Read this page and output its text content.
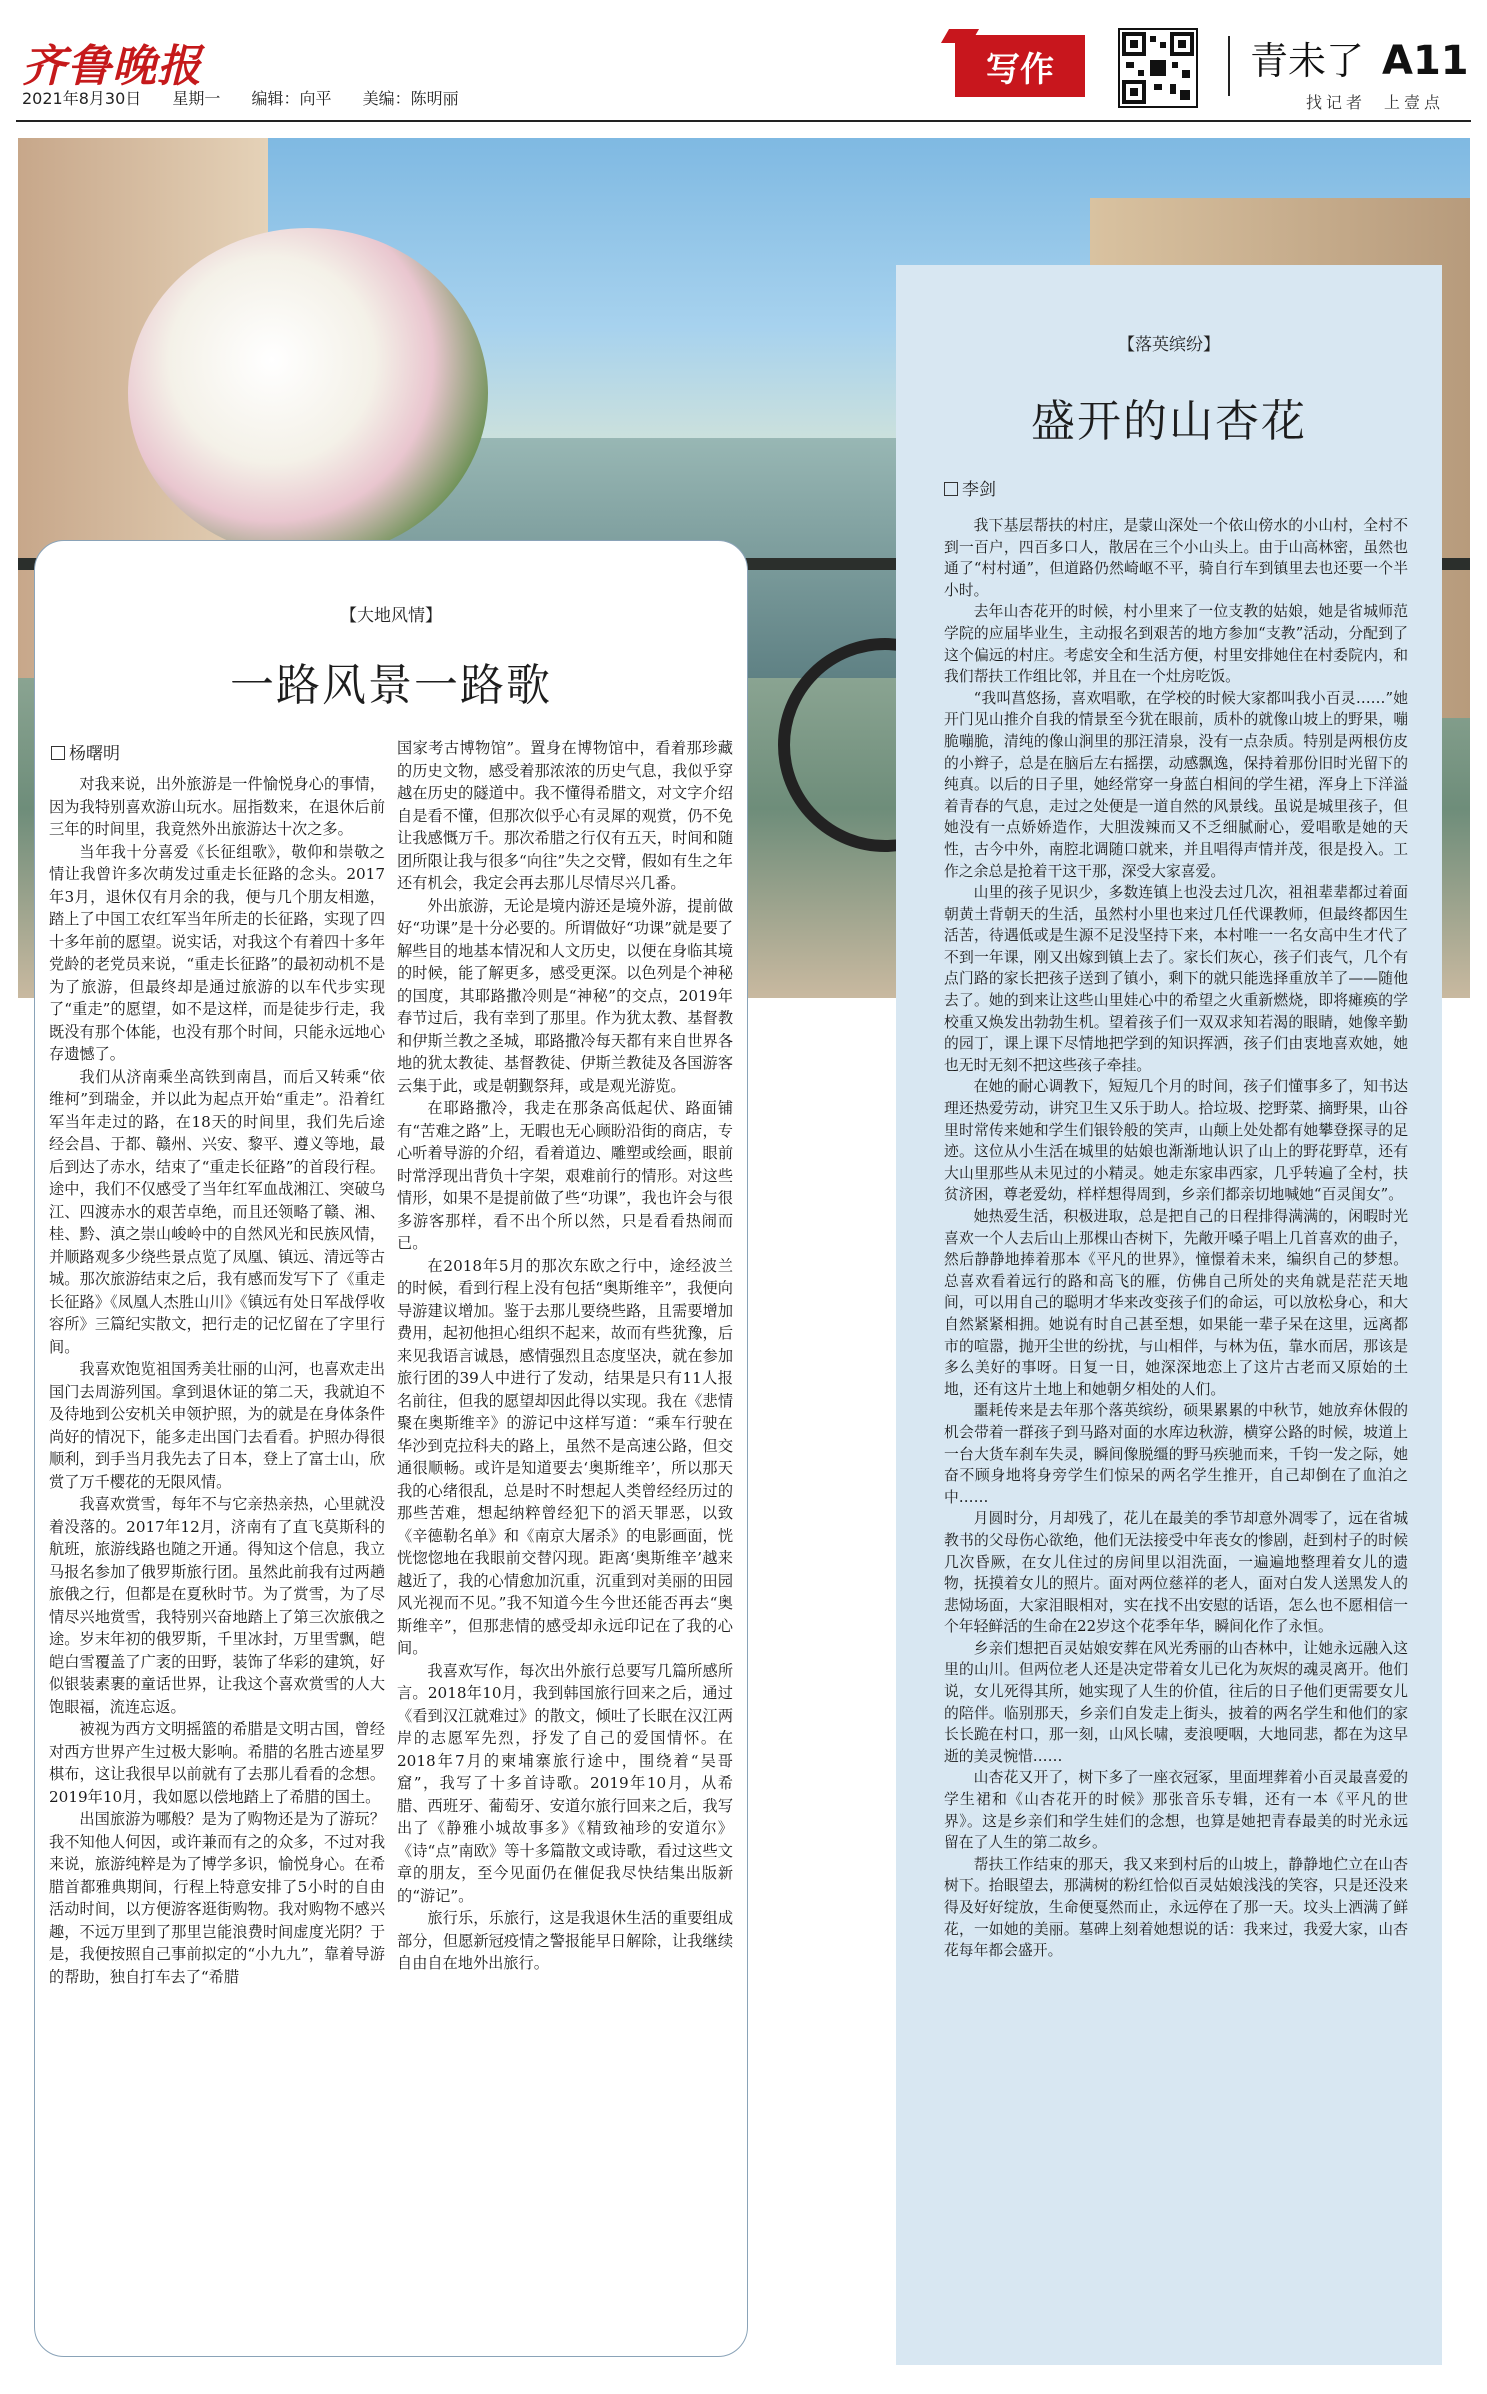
齐鲁晚报
2021年8月30日 星期一 编辑：向平 美编：陈明丽
写作	青未了 A11
找记者 上壹点
【大地风情】
一路风景一路歌
杨曙明

对我来说，出外旅游是一件愉悦身心的事情，因为我特别喜欢游山玩水。屈指数来，在退休后前三年的时间里，我竟然外出旅游达十次之多。

当年我十分喜爱《长征组歌》，敬仰和崇敬之情让我曾许多次萌发过重走长征路的念头。2017年3月，退休仅有月余的我，便与几个朋友相邀，踏上了中国工农红军当年所走的长征路，实现了四十多年前的愿望。说实话，对我这个有着四十多年党龄的老党员来说，“重走长征路”的最初动机不是为了旅游，但最终却是通过旅游的以车代步实现了“重走”的愿望，如不是这样，而是徒步行走，我既没有那个体能，也没有那个时间，只能永远地心存遗憾了。

我们从济南乘坐高铁到南昌，而后又转乘“依维柯”到瑞金，并以此为起点开始“重走”。沿着红军当年走过的路，在18天的时间里，我们先后途经会昌、于都、赣州、兴安、黎平、遵义等地，最后到达了赤水，结束了“重走长征路”的首段行程。途中，我们不仅感受了当年红军血战湘江、突破乌江、四渡赤水的艰苦卓绝，而且还领略了赣、湘、桂、黔、滇之崇山峻岭中的自然风光和民族风情，并顺路观多少绕些景点览了凤凰、镇远、清远等古城。那次旅游结束之后，我有感而发写下了《重走长征路》《凤凰人杰胜山川》《镇远有处日军战俘收容所》三篇纪实散文，把行走的记忆留在了字里行间。

我喜欢饱览祖国秀美壮丽的山河，也喜欢走出国门去周游列国。拿到退休证的第二天，我就迫不及待地到公安机关申领护照，为的就是在身体条件尚好的情况下，能多走出国门去看看。护照办得很顺利，到手当月我先去了日本，登上了富士山，欣赏了万千樱花的无限风情。

我喜欢赏雪，每年不与它亲热亲热，心里就没着没落的。2017年12月，济南有了直飞莫斯科的航班，旅游线路也随之开通。得知这个信息，我立马报名参加了俄罗斯旅行团。虽然此前我有过两趟旅俄之行，但都是在夏秋时节。为了赏雪，为了尽情尽兴地赏雪，我特别兴奋地踏上了第三次旅俄之途。岁末年初的俄罗斯，千里冰封，万里雪飘，皑皑白雪覆盖了广袤的田野，装饰了华彩的建筑，好似银装素裹的童话世界，让我这个喜欢赏雪的人大饱眼福，流连忘返。

被视为西方文明摇篮的希腊是文明古国，曾经对西方世界产生过极大影响。希腊的名胜古迹星罗棋布，这让我很早以前就有了去那儿看看的念想。2019年10月，我如愿以偿地踏上了希腊的国土。

出国旅游为哪般？是为了购物还是为了游玩？我不知他人何因，或许兼而有之的众多，不过对我来说，旅游纯粹是为了博学多识，愉悦身心。在希腊首都雅典期间，行程上特意安排了5小时的自由活动时间，以方便游客逛街购物。我对购物不感兴趣，不远万里到了那里岂能浪费时间虚度光阴？于是，我便按照自己事前拟定的“小九九”，靠着导游的帮助，独自打车去了“希腊

国家考古博物馆”。置身在博物馆中，看着那珍藏的历史文物，感受着那浓浓的历史气息，我似乎穿越在历史的隧道中。我不懂得希腊文，对文字介绍自是看不懂，但那次似乎心有灵犀的观赏，仍不免让我感慨万千。那次希腊之行仅有五天，时间和随团所限让我与很多“向往”失之交臂，假如有生之年还有机会，我定会再去那儿尽情尽兴几番。

外出旅游，无论是境内游还是境外游，提前做好“功课”是十分必要的。所谓做好“功课”就是要了解些目的地基本情况和人文历史，以便在身临其境的时候，能了解更多，感受更深。以色列是个神秘的国度，其耶路撒冷则是“神秘”的交点，2019年春节过后，我有幸到了那里。作为犹太教、基督教和伊斯兰教之圣城，耶路撒冷每天都有来自世界各地的犹太教徒、基督教徒、伊斯兰教徒及各国游客云集于此，或是朝觐祭拜，或是观光游览。

在耶路撒冷，我走在那条高低起伏、路面铺有“苦难之路”上，无暇也无心顾盼沿街的商店，专心听着导游的介绍，看着道边、雕塑或绘画，眼前时常浮现出背负十字架，艰难前行的情形。对这些情形，如果不是提前做了些“功课”，我也许会与很多游客那样，看不出个所以然，只是看看热闹而已。

在2018年5月的那次东欧之行中，途经波兰的时候，看到行程上没有包括“奥斯维辛”，我便向导游建议增加。鉴于去那儿要绕些路，且需要增加费用，起初他担心组织不起来，故而有些犹豫，后来见我语言诚恳，感情强烈且态度坚决，就在参加旅行团的39人中进行了发动，结果是只有11人报名前往，但我的愿望却因此得以实现。我在《悲情聚在奥斯维辛》的游记中这样写道：“乘车行驶在华沙到克拉科夫的路上，虽然不是高速公路，但交通很顺畅。或许是知道要去‘奥斯维辛’，所以那天我的心绪很乱，总是时不时想起人类曾经经历过的那些苦难，想起纳粹曾经犯下的滔天罪恶，以致《辛德勒名单》和《南京大屠杀》的电影画面，恍恍惚惚地在我眼前交替闪现。距离‘奥斯维辛’越来越近了，我的心情愈加沉重，沉重到对美丽的田园风光视而不见。”我不知道今生今世还能否再去“奥斯维辛”，但那悲情的感受却永远印记在了我的心间。

我喜欢写作，每次出外旅行总要写几篇所感所言。2018年10月，我到韩国旅行回来之后，通过《看到汉江就难过》的散文，倾吐了长眠在汉江两岸的志愿军先烈，抒发了自己的爱国情怀。在2018年7月的柬埔寨旅行途中，围绕着“吴哥窟”，我写了十多首诗歌。2019年10月，从希腊、西班牙、葡萄牙、安道尔旅行回来之后，我写出了《静雅小城故事多》《精致袖珍的安道尔》《诗“点”南欧》等十多篇散文或诗歌，看过这些文章的朋友，至今见面仍在催促我尽快结集出版新的“游记”。

旅行乐，乐旅行，这是我退休生活的重要组成部分，但愿新冠疫情之警报能早日解除，让我继续自由自在地外出旅行。

【落英缤纷】
盛开的山杏花
李剑

我下基层帮扶的村庄，是蒙山深处一个依山傍水的小山村，全村不到一百户，四百多口人，散居在三个小山头上。由于山高林密，虽然也通了“村村通”，但道路仍然崎岖不平，骑自行车到镇里去也还要一个半小时。

去年山杏花开的时候，村小里来了一位支教的姑娘，她是省城师范学院的应届毕业生，主动报名到艰苦的地方参加“支教”活动，分配到了这个偏远的村庄。考虑安全和生活方便，村里安排她住在村委院内，和我们帮扶工作组比邻，并且在一个灶房吃饭。

“我叫菖悠扬，喜欢唱歌，在学校的时候大家都叫我小百灵……”她开门见山推介自我的情景至今犹在眼前，质朴的就像山坡上的野果，嘣脆嘣脆，清纯的像山涧里的那汪清泉，没有一点杂质。特别是两根仿皮的小辫子，总是在脑后左右摇摆，动感飘逸，保持着那份旧时光留下的纯真。以后的日子里，她经常穿一身蓝白相间的学生裙，浑身上下洋溢着青春的气息，走过之处便是一道自然的风景线。虽说是城里孩子，但她没有一点娇娇造作，大胆泼辣而又不乏细腻耐心，爱唱歌是她的天性，古今中外，南腔北调随口就来，并且唱得声情并茂，很是投入。工作之余总是抢着干这干那，深受大家喜爱。

山里的孩子见识少，多数连镇上也没去过几次，祖祖辈辈都过着面朝黄土背朝天的生活，虽然村小里也来过几任代课教师，但最终都因生活苦，待遇低或是生源不足没坚持下来，本村唯一一名女高中生才代了不到一年课，刚又出嫁到镇上去了。家长们灰心，孩子们丧气，几个有点门路的家长把孩子送到了镇小，剩下的就只能选择重放羊了——随他去了。她的到来让这些山里娃心中的希望之火重新燃烧，即将瘫痪的学校重又焕发出勃勃生机。望着孩子们一双双求知若渴的眼睛，她像辛勤的园丁，课上课下尽情地把学到的知识挥洒，孩子们由衷地喜欢她，她也无时无刻不把这些孩子牵挂。

在她的耐心调教下，短短几个月的时间，孩子们懂事多了，知书达理还热爱劳动，讲究卫生又乐于助人。拾垃圾、挖野菜、摘野果，山谷里时常传来她和学生们银铃般的笑声，山颠上处处都有她攀登探寻的足迹。这位从小生活在城里的姑娘也渐渐地认识了山上的野花野草，还有大山里那些从未见过的小精灵。她走东家串西家，几乎转遍了全村，扶贫济困，尊老爱幼，样样想得周到，乡亲们都亲切地喊她“百灵闺女”。

她热爱生活，积极进取，总是把自己的日程排得满满的，闲暇时光喜欢一个人去后山上那棵山杏树下，先敞开嗓子唱上几首喜欢的曲子，然后静静地捧着那本《平凡的世界》，憧憬着未来，编织自己的梦想。总喜欢看着远行的路和高飞的雁，仿佛自己所处的夹角就是茫茫天地间，可以用自己的聪明才华来改变孩子们的命运，可以放松身心，和大自然紧紧相拥。她说有时自己甚至想，如果能一辈子呆在这里，远离都市的喧嚣，抛开尘世的纷扰，与山相伴，与林为伍，靠水而居，那该是多么美好的事呀。日复一日，她深深地恋上了这片古老而又原始的土地，还有这片土地上和她朝夕相处的人们。

噩耗传来是去年那个落英缤纷，硕果累累的中秋节，她放弃休假的机会带着一群孩子到马路对面的水库边秋游，横穿公路的时候，坡道上一台大货车刹车失灵，瞬间像脱缰的野马疾驰而来，千钧一发之际，她奋不顾身地将身旁学生们惊呆的两名学生推开，自己却倒在了血泊之中……

月圆时分，月却残了，花儿在最美的季节却意外凋零了，远在省城教书的父母伤心欲绝，他们无法接受中年丧女的惨剧，赶到村子的时候几次昏厥，在女儿住过的房间里以泪洗面，一遍遍地整理着女儿的遗物，抚摸着女儿的照片。面对两位慈祥的老人，面对白发人送黑发人的悲恸场面，大家泪眼相对，实在找不出安慰的话语，怎么也不愿相信一个年轻鲜活的生命在22岁这个花季年华，瞬间化作了永恒。

乡亲们想把百灵姑娘安葬在风光秀丽的山杏林中，让她永远融入这里的山川。但两位老人还是决定带着女儿已化为灰烬的魂灵离开。他们说，女儿死得其所，她实现了人生的价值，往后的日子他们更需要女儿的陪伴。临别那天，乡亲们自发走上街头，披着的两名学生和他们的家长长跪在村口，那一刻，山风长啸，麦浪哽咽，大地同悲，都在为这早逝的美灵惋惜……

山杏花又开了，树下多了一座衣冠冢，里面埋葬着小百灵最喜爱的学生裙和《山杏花开的时候》那张音乐专辑，还有一本《平凡的世界》。这是乡亲们和学生娃们的念想，也算是她把青春最美的时光永远留在了人生的第二故乡。

帮扶工作结束的那天，我又来到村后的山坡上，静静地伫立在山杏树下。抬眼望去，那满树的粉红恰似百灵姑娘浅浅的笑容，只是还没来得及好好绽放，生命便戛然而止，永远停在了那一天。坟头上洒满了鲜花，一如她的美丽。墓碑上刻着她想说的话：我来过，我爱大家，山杏花每年都会盛开。
